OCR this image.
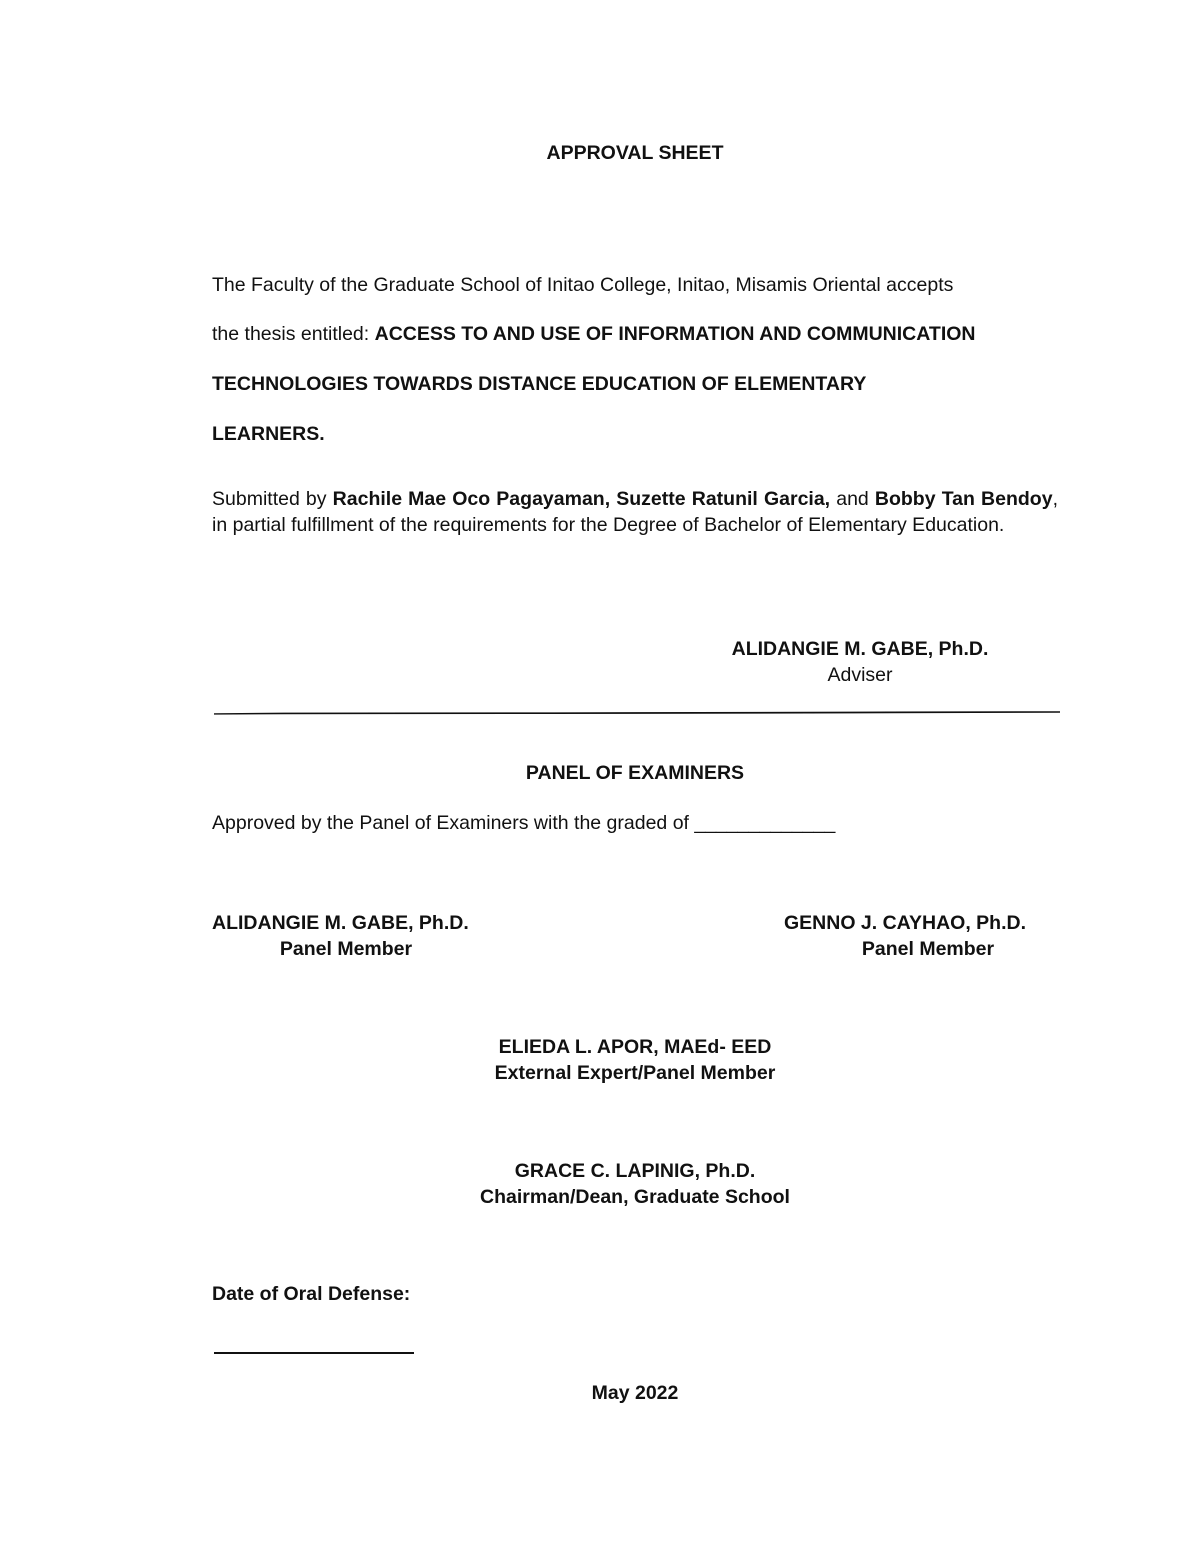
APPROVAL SHEET
The Faculty of the Graduate School of Initao College, Initao, Misamis Oriental accepts
the thesis entitled: ACCESS TO AND USE OF INFORMATION AND COMMUNICATION
TECHNOLOGIES TOWARDS DISTANCE EDUCATION OF ELEMENTARY
LEARNERS.
Submitted by Rachile Mae Oco Pagayaman, Suzette Ratunil Garcia, and Bobby Tan Bendoy, in partial fulfillment of the requirements for the Degree of Bachelor of Elementary Education.
ALIDANGIE M. GABE, Ph.D.
Adviser
PANEL OF EXAMINERS
Approved by the Panel of Examiners with the graded of _____________
ALIDANGIE M. GABE, Ph.D.
Panel Member
GENNO J. CAYHAO, Ph.D.
Panel Member
ELIEDA L. APOR, MAEd- EED
External Expert/Panel Member
GRACE C. LAPINIG, Ph.D.
Chairman/Dean, Graduate School
Date of Oral Defense:
May 2022
